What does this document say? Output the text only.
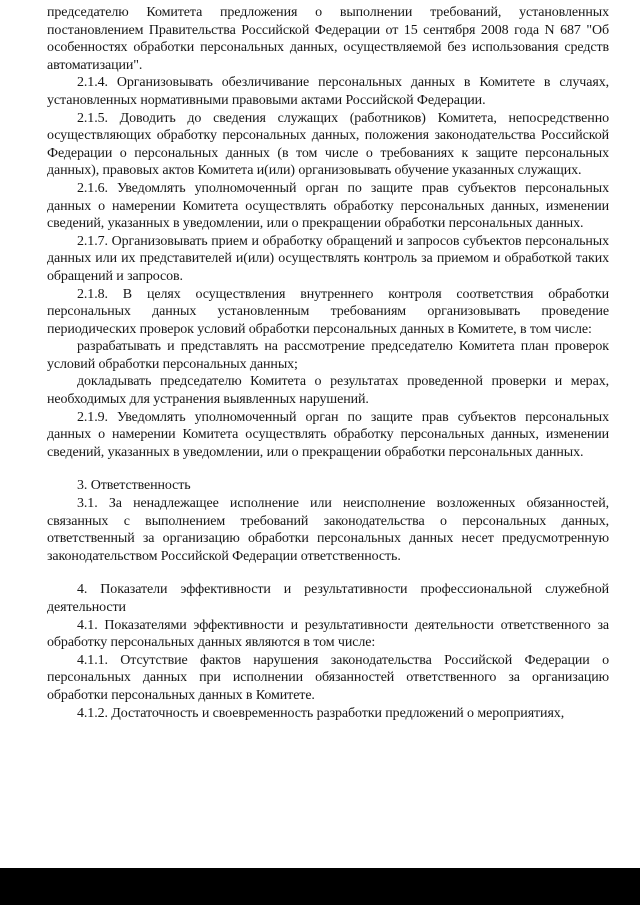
председателю Комитета предложения о выполнении требований, установленных постановлением Правительства Российской Федерации от 15 сентября 2008 года N 687 "Об особенностях обработки персональных данных, осуществляемой без использования средств автоматизации".

2.1.4. Организовывать обезличивание персональных данных в Комитете в случаях, установленных нормативными правовыми актами Российской Федерации.

2.1.5. Доводить до сведения служащих (работников) Комитета, непосредственно осуществляющих обработку персональных данных, положения законодательства Российской Федерации о персональных данных (в том числе о требованиях к защите персональных данных), правовых актов Комитета и(или) организовывать обучение указанных служащих.

2.1.6. Уведомлять уполномоченный орган по защите прав субъектов персональных данных о намерении Комитета осуществлять обработку персональных данных, изменении сведений, указанных в уведомлении, или о прекращении обработки персональных данных.

2.1.7. Организовывать прием и обработку обращений и запросов субъектов персональных данных или их представителей и(или) осуществлять контроль за приемом и обработкой таких обращений и запросов.

2.1.8. В целях осуществления внутреннего контроля соответствия обработки персональных данных установленным требованиям организовывать проведение периодических проверок условий обработки персональных данных в Комитете, в том числе:

разрабатывать и представлять на рассмотрение председателю Комитета план проверок условий обработки персональных данных;

докладывать председателю Комитета о результатах проведенной проверки и мерах, необходимых для устранения выявленных нарушений.

2.1.9. Уведомлять уполномоченный орган по защите прав субъектов персональных данных о намерении Комитета осуществлять обработку персональных данных, изменении сведений, указанных в уведомлении, или о прекращении обработки персональных данных.

3. Ответственность

3.1. За ненадлежащее исполнение или неисполнение возложенных обязанностей, связанных с выполнением требований законодательства о персональных данных, ответственный за организацию обработки персональных данных несет предусмотренную законодательством Российской Федерации ответственность.

4. Показатели эффективности и результативности профессиональной служебной деятельности

4.1. Показателями эффективности и результативности деятельности ответственного за обработку персональных данных являются в том числе:

4.1.1. Отсутствие фактов нарушения законодательства Российской Федерации о персональных данных при исполнении обязанностей ответственного за организацию обработки персональных данных в Комитете.

4.1.2. Достаточность и своевременность разработки предложений о мероприятиях,
